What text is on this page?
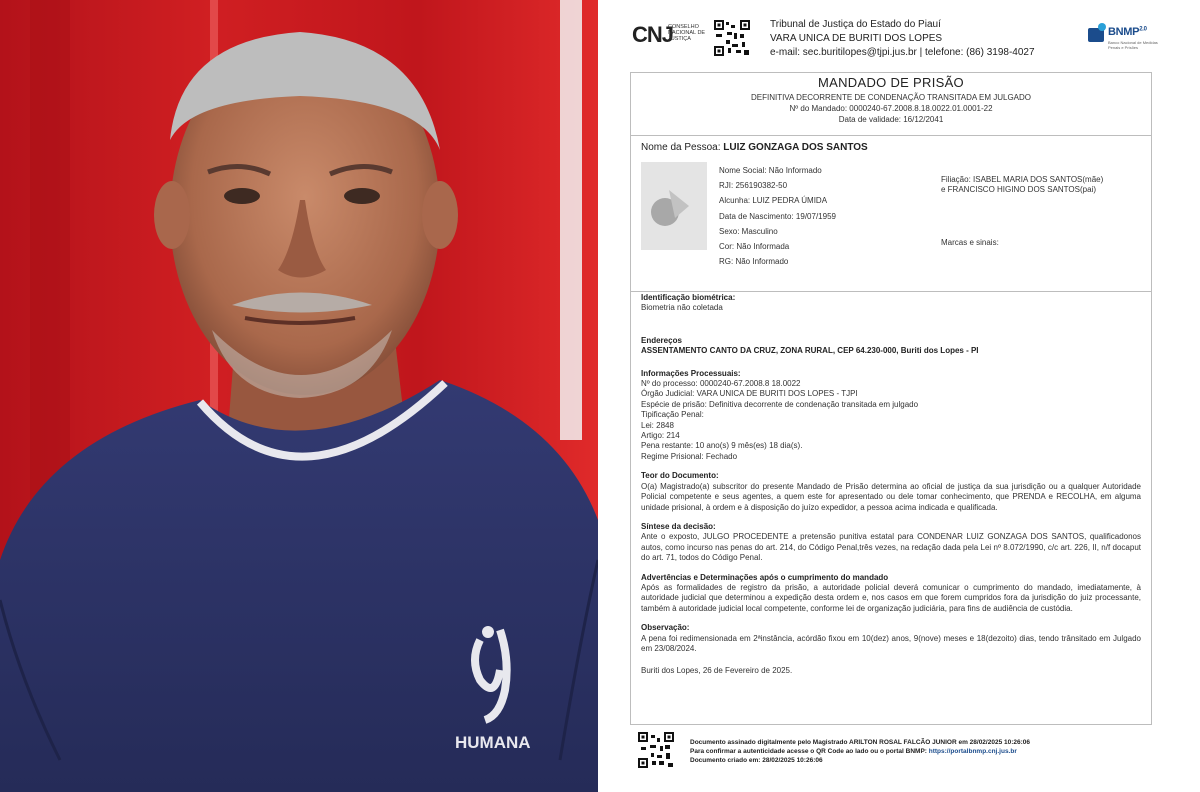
HUMANA
CNJ
CONSELHO NACIONAL DE JUSTIÇA
Tribunal de Justiça do Estado do Piauí
VARA UNICA DE BURITI DOS LOPES
e-mail: sec.buritilopes@tjpi.jus.br | telefone: (86) 3198-4027
$BNMP^{2.0}$
Banco Nacional de Medidas Penais e Prisões
MANDADO DE PRISÃO
DEFINITIVA DECORRENTE DE CONDENAÇÃO TRANSITADA EM JULGADO
Nº do Mandado: 0000240-67.2008.8.18.0022.01.0001-22
Data de validade: 16/12/2041
Nome da Pessoa: LUIZ GONZAGA DOS SANTOS
Nome Social: Não Informado
RJI: 256190382-50
Alcunha: LUIZ PEDRA ÚMIDA
Data de Nascimento: 19/07/1959
Sexo: Masculino
Cor: Não Informada
RG: Não Informado
Filiação: ISABEL MARIA DOS SANTOS(mãe)
e FRANCISCO HIGINO DOS SANTOS(pai)
Marcas e sinais:

Identificação biométrica:

Biometria não coletada

Endereços

ASSENTAMENTO CANTO DA CRUZ, ZONA RURAL, CEP 64.230-000, Buriti dos Lopes - PI

Informações Processuais:

Nº do processo: 0000240-67.2008.8 18.0022

Órgão Judicial: VARA UNICA DE BURITI DOS LOPES - TJPI

Espécie de prisão: Definitiva decorrente de condenação transitada em julgado

Tipificação Penal:

Lei: 2848

Artigo: 214

Pena restante: 10 ano(s) 9 mês(es) 18 dia(s).

Regime Prisional: Fechado

Teor do Documento:

O(a) Magistrado(a) subscritor do presente Mandado de Prisão determina ao oficial de justiça da sua jurisdição ou a qualquer Autoridade Policial competente e seus agentes, a quem este for apresentado ou dele tomar conhecimento, que PRENDA e RECOLHA, em alguma unidade prisional, à ordem e à disposição do juízo expedidor, a pessoa acima indicada e qualificada.

Síntese da decisão:

Ante o exposto, JULGO PROCEDENTE a pretensão punitiva estatal para CONDENAR LUIZ GONZAGA DOS SANTOS, qualificadonos autos, como incurso nas penas do art. 214, do Código Penal,três vezes, na redação dada pela Lei nº 8.072/1990, c/c art. 226, II, n/f docaput do art. 71, todos do Código Penal.

Advertências e Determinações após o cumprimento do mandado

Após as formalidades de registro da prisão, a autoridade policial deverá comunicar o cumprimento do mandado, imediatamente, à autoridade judicial que determinou a expedição desta ordem e, nos casos em que forem cumpridos fora da jurisdição do juiz processante, também à autoridade judicial local competente, conforme lei de organização judiciária, para fins de audiência de custódia.

Observação:

A pena foi redimensionada em 2ªinstância, acórdão fixou em 10(dez) anos, 9(nove) meses e 18(dezoito) dias, tendo trânsitado em Julgado em 23/08/2024.

Buriti dos Lopes, 26 de Fevereiro de 2025.

Documento assinado digitalmente pelo Magistrado ARILTON ROSAL FALCÃO JUNIOR em 28/02/2025 10:26:06
Para confirmar a autenticidade acesse o QR Code ao lado ou o portal BNMP: https://portalbnmp.cnj.jus.br
Documento criado em: 28/02/2025 10:26:06
